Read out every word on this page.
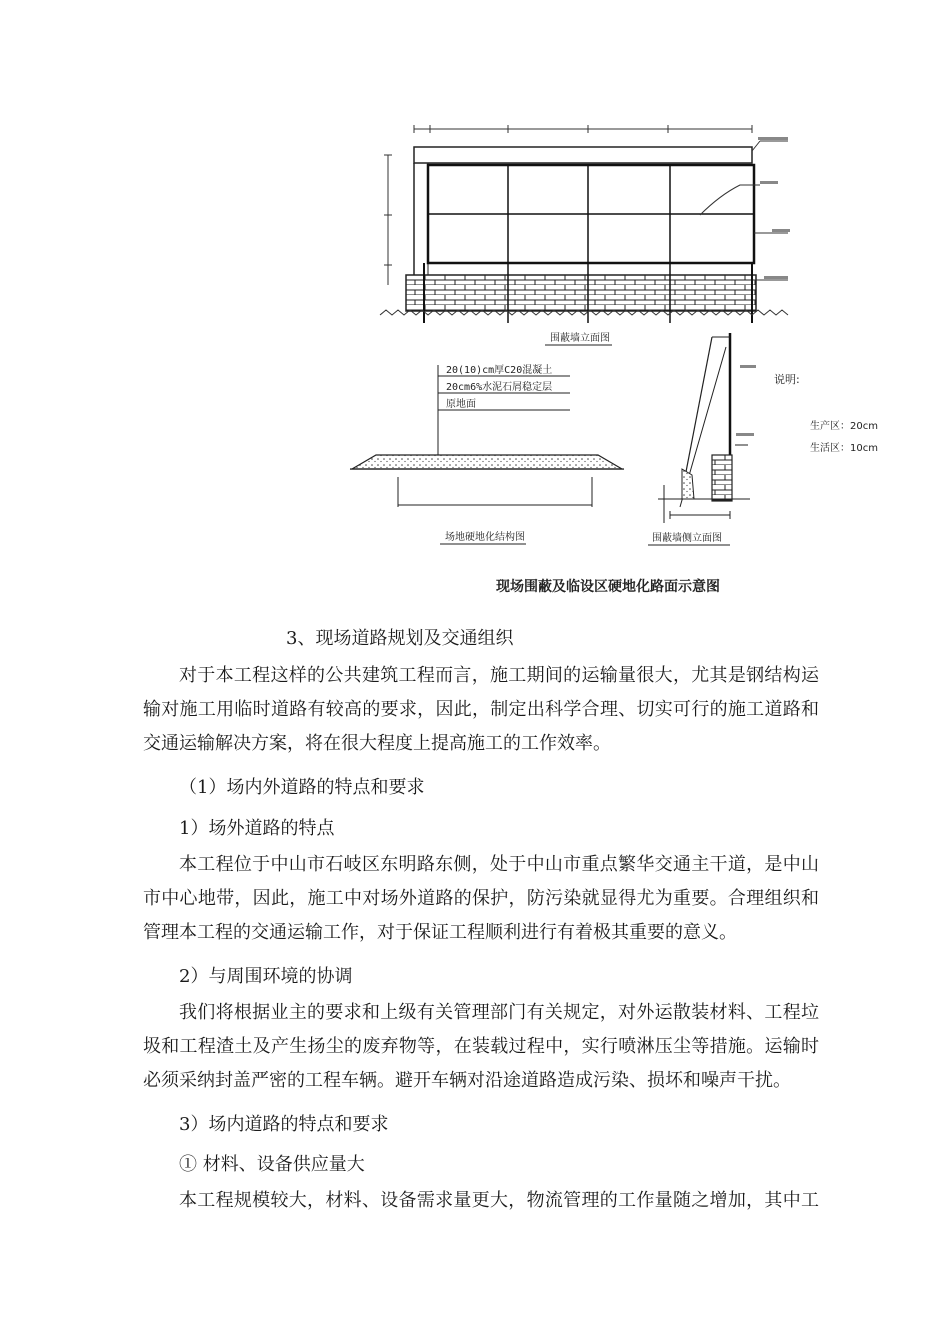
围蔽墙立面图
20(10)cm厚C20混凝土
20cm6%水泥石屑稳定层
原地面
场地硬地化结构图	围蔽墙侧立面图
说明:
生产区：20cm
生活区：10cm
现场围蔽及临设区硬地化路面示意图

3、现场道路规划及交通组织

对于本工程这样的公共建筑工程而言，施工期间的运输量很大，尤其是钢结构运输对施工用临时道路有较高的要求，因此，制定出科学合理、切实可行的施工道路和交通运输解决方案，将在很大程度上提高施工的工作效率。

（1）场内外道路的特点和要求

1）场外道路的特点

本工程位于中山市石岐区东明路东侧，处于中山市重点繁华交通主干道，是中山市中心地带，因此，施工中对场外道路的保护，防污染就显得尤为重要。合理组织和管理本工程的交通运输工作，对于保证工程顺利进行有着极其重要的意义。

2）与周围环境的协调

我们将根据业主的要求和上级有关管理部门有关规定，对外运散装材料、工程垃圾和工程渣土及产生扬尘的废弃物等，在装载过程中，实行喷淋压尘等措施。运输时必须采纳封盖严密的工程车辆。避开车辆对沿途道路造成污染、损坏和噪声干扰。

3）场内道路的特点和要求

① 材料、设备供应量大

本工程规模较大，材料、设备需求量更大，物流管理的工作量随之增加，其中工
